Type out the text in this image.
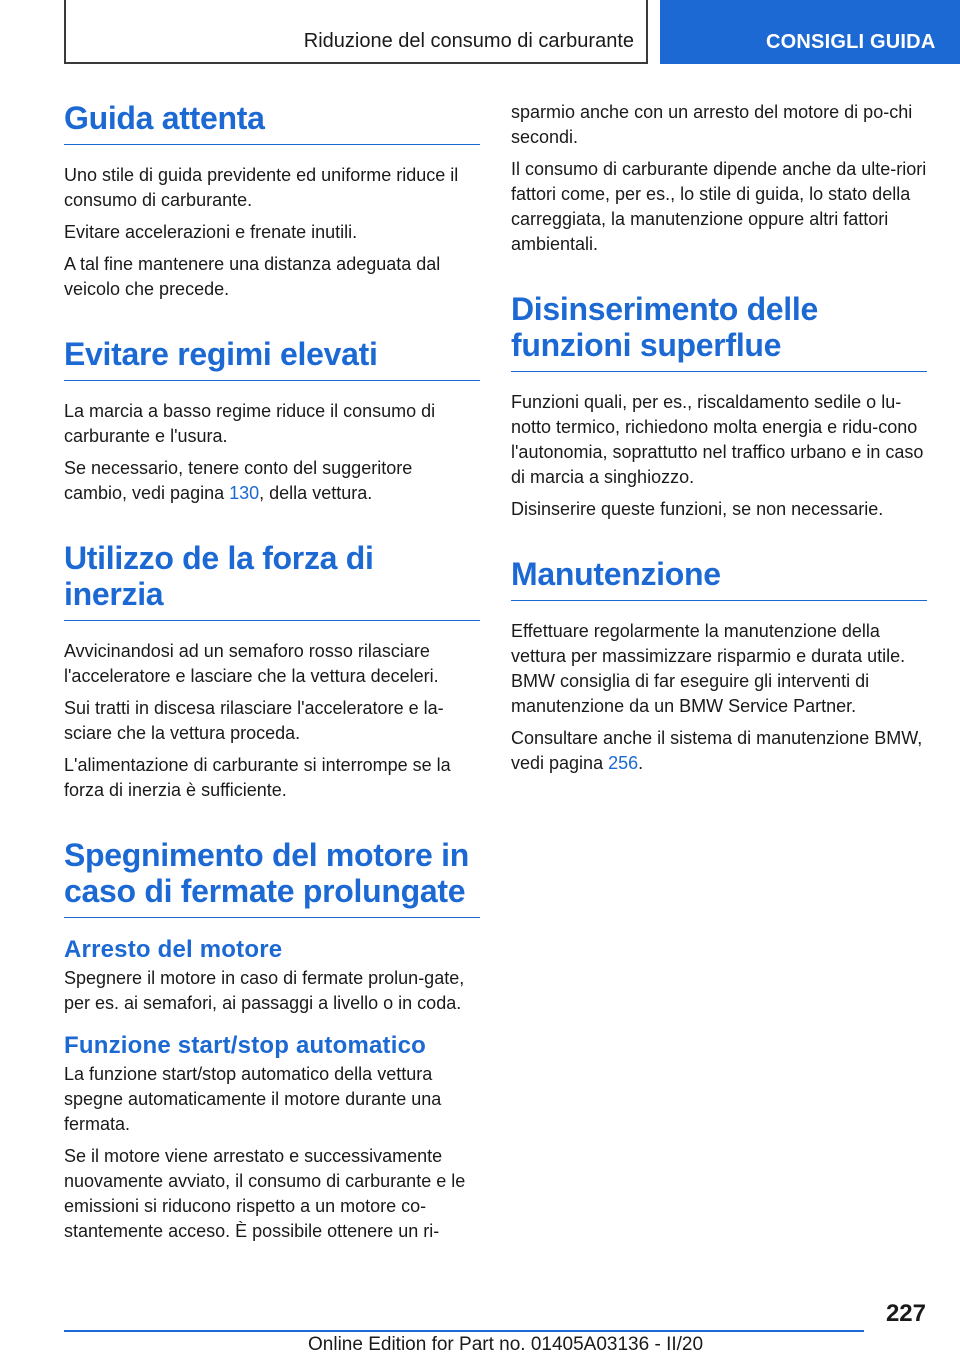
Riduzione del consumo di carburante	CONSIGLI GUIDA
Guida attenta

Uno stile di guida previdente ed uniforme riduce il consumo di carburante.

Evitare accelerazioni e frenate inutili.

A tal fine mantenere una distanza adeguata dal veicolo che precede.

Evitare regimi elevati

La marcia a basso regime riduce il consumo di carburante e l'usura.

Se necessario, tenere conto del suggeritore cambio, vedi pagina 130, della vettura.

Utilizzo de la forza di inerzia

Avvicinandosi ad un semaforo rosso rilasciare l'acceleratore e lasciare che la vettura deceleri.

Sui tratti in discesa rilasciare l'acceleratore e la-sciare che la vettura proceda.

L'alimentazione di carburante si interrompe se la forza di inerzia è sufficiente.

Spegnimento del motore in caso di fermate prolungate
Arresto del motore

Spegnere il motore in caso di fermate prolun-gate, per es. ai semafori, ai passaggi a livello o in coda.

Funzione start/stop automatico

La funzione start/stop automatico della vettura spegne automaticamente il motore durante una fermata.

Se il motore viene arrestato e successivamente nuovamente avviato, il consumo di carburante e le emissioni si riducono rispetto a un motore co-stantemente acceso. È possibile ottenere un ri-

sparmio anche con un arresto del motore di po-chi secondi.

Il consumo di carburante dipende anche da ulte-riori fattori come, per es., lo stile di guida, lo stato della carreggiata, la manutenzione oppure altri fattori ambientali.

Disinserimento delle funzioni superflue

Funzioni quali, per es., riscaldamento sedile o lu-notto termico, richiedono molta energia e ridu-cono l'autonomia, soprattutto nel traffico urbano e in caso di marcia a singhiozzo.

Disinserire queste funzioni, se non necessarie.

Manutenzione

Effettuare regolarmente la manutenzione della vettura per massimizzare risparmio e durata utile. BMW consiglia di far eseguire gli interventi di manutenzione da un BMW Service Partner.

Consultare anche il sistema di manutenzione BMW, vedi pagina 256.

227
Online Edition for Part no. 01405A03136 - II/20
